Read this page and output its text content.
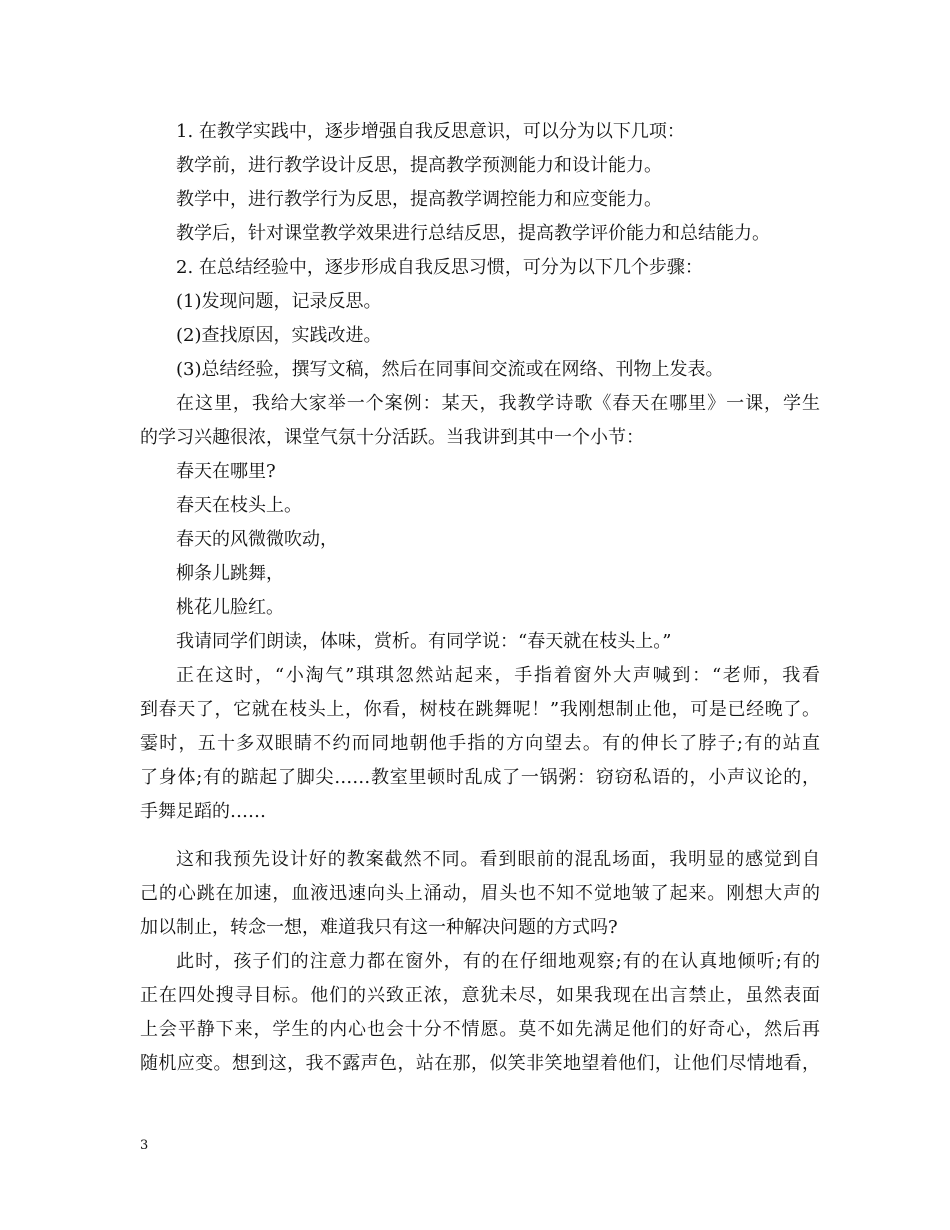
1. 在教学实践中，逐步增强自我反思意识，可以分为以下几项：
教学前，进行教学设计反思，提高教学预测能力和设计能力。
教学中，进行教学行为反思，提高教学调控能力和应变能力。
教学后，针对课堂教学效果进行总结反思，提高教学评价能力和总结能力。
2. 在总结经验中，逐步形成自我反思习惯，可分为以下几个步骤：
(1)发现问题，记录反思。
(2)查找原因，实践改进。
(3)总结经验，撰写文稿，然后在同事间交流或在网络、刊物上发表。
在这里，我给大家举一个案例：某天，我教学诗歌《春天在哪里》一课，学生
的学习兴趣很浓，课堂气氛十分活跃。当我讲到其中一个小节：
春天在哪里?
春天在枝头上。
春天的风微微吹动，
柳条儿跳舞，
桃花儿脸红。
我请同学们朗读，体味，赏析。有同学说：“春天就在枝头上。”
正在这时，“小淘气”琪琪忽然站起来，手指着窗外大声喊到：“老师，我看
到春天了，它就在枝头上，你看，树枝在跳舞呢！”我刚想制止他，可是已经晚了。
霎时，五十多双眼睛不约而同地朝他手指的方向望去。有的伸长了脖子;有的站直
了身体;有的踮起了脚尖……教室里顿时乱成了一锅粥：窃窃私语的，小声议论的，
手舞足蹈的……
这和我预先设计好的教案截然不同。看到眼前的混乱场面，我明显的感觉到自
己的心跳在加速，血液迅速向头上涌动，眉头也不知不觉地皱了起来。刚想大声的
加以制止，转念一想，难道我只有这一种解决问题的方式吗?
此时，孩子们的注意力都在窗外，有的在仔细地观察;有的在认真地倾听;有的
正在四处搜寻目标。他们的兴致正浓，意犹未尽，如果我现在出言禁止，虽然表面
上会平静下来，学生的内心也会十分不情愿。莫不如先满足他们的好奇心，然后再
随机应变。想到这，我不露声色，站在那，似笑非笑地望着他们，让他们尽情地看，
3
